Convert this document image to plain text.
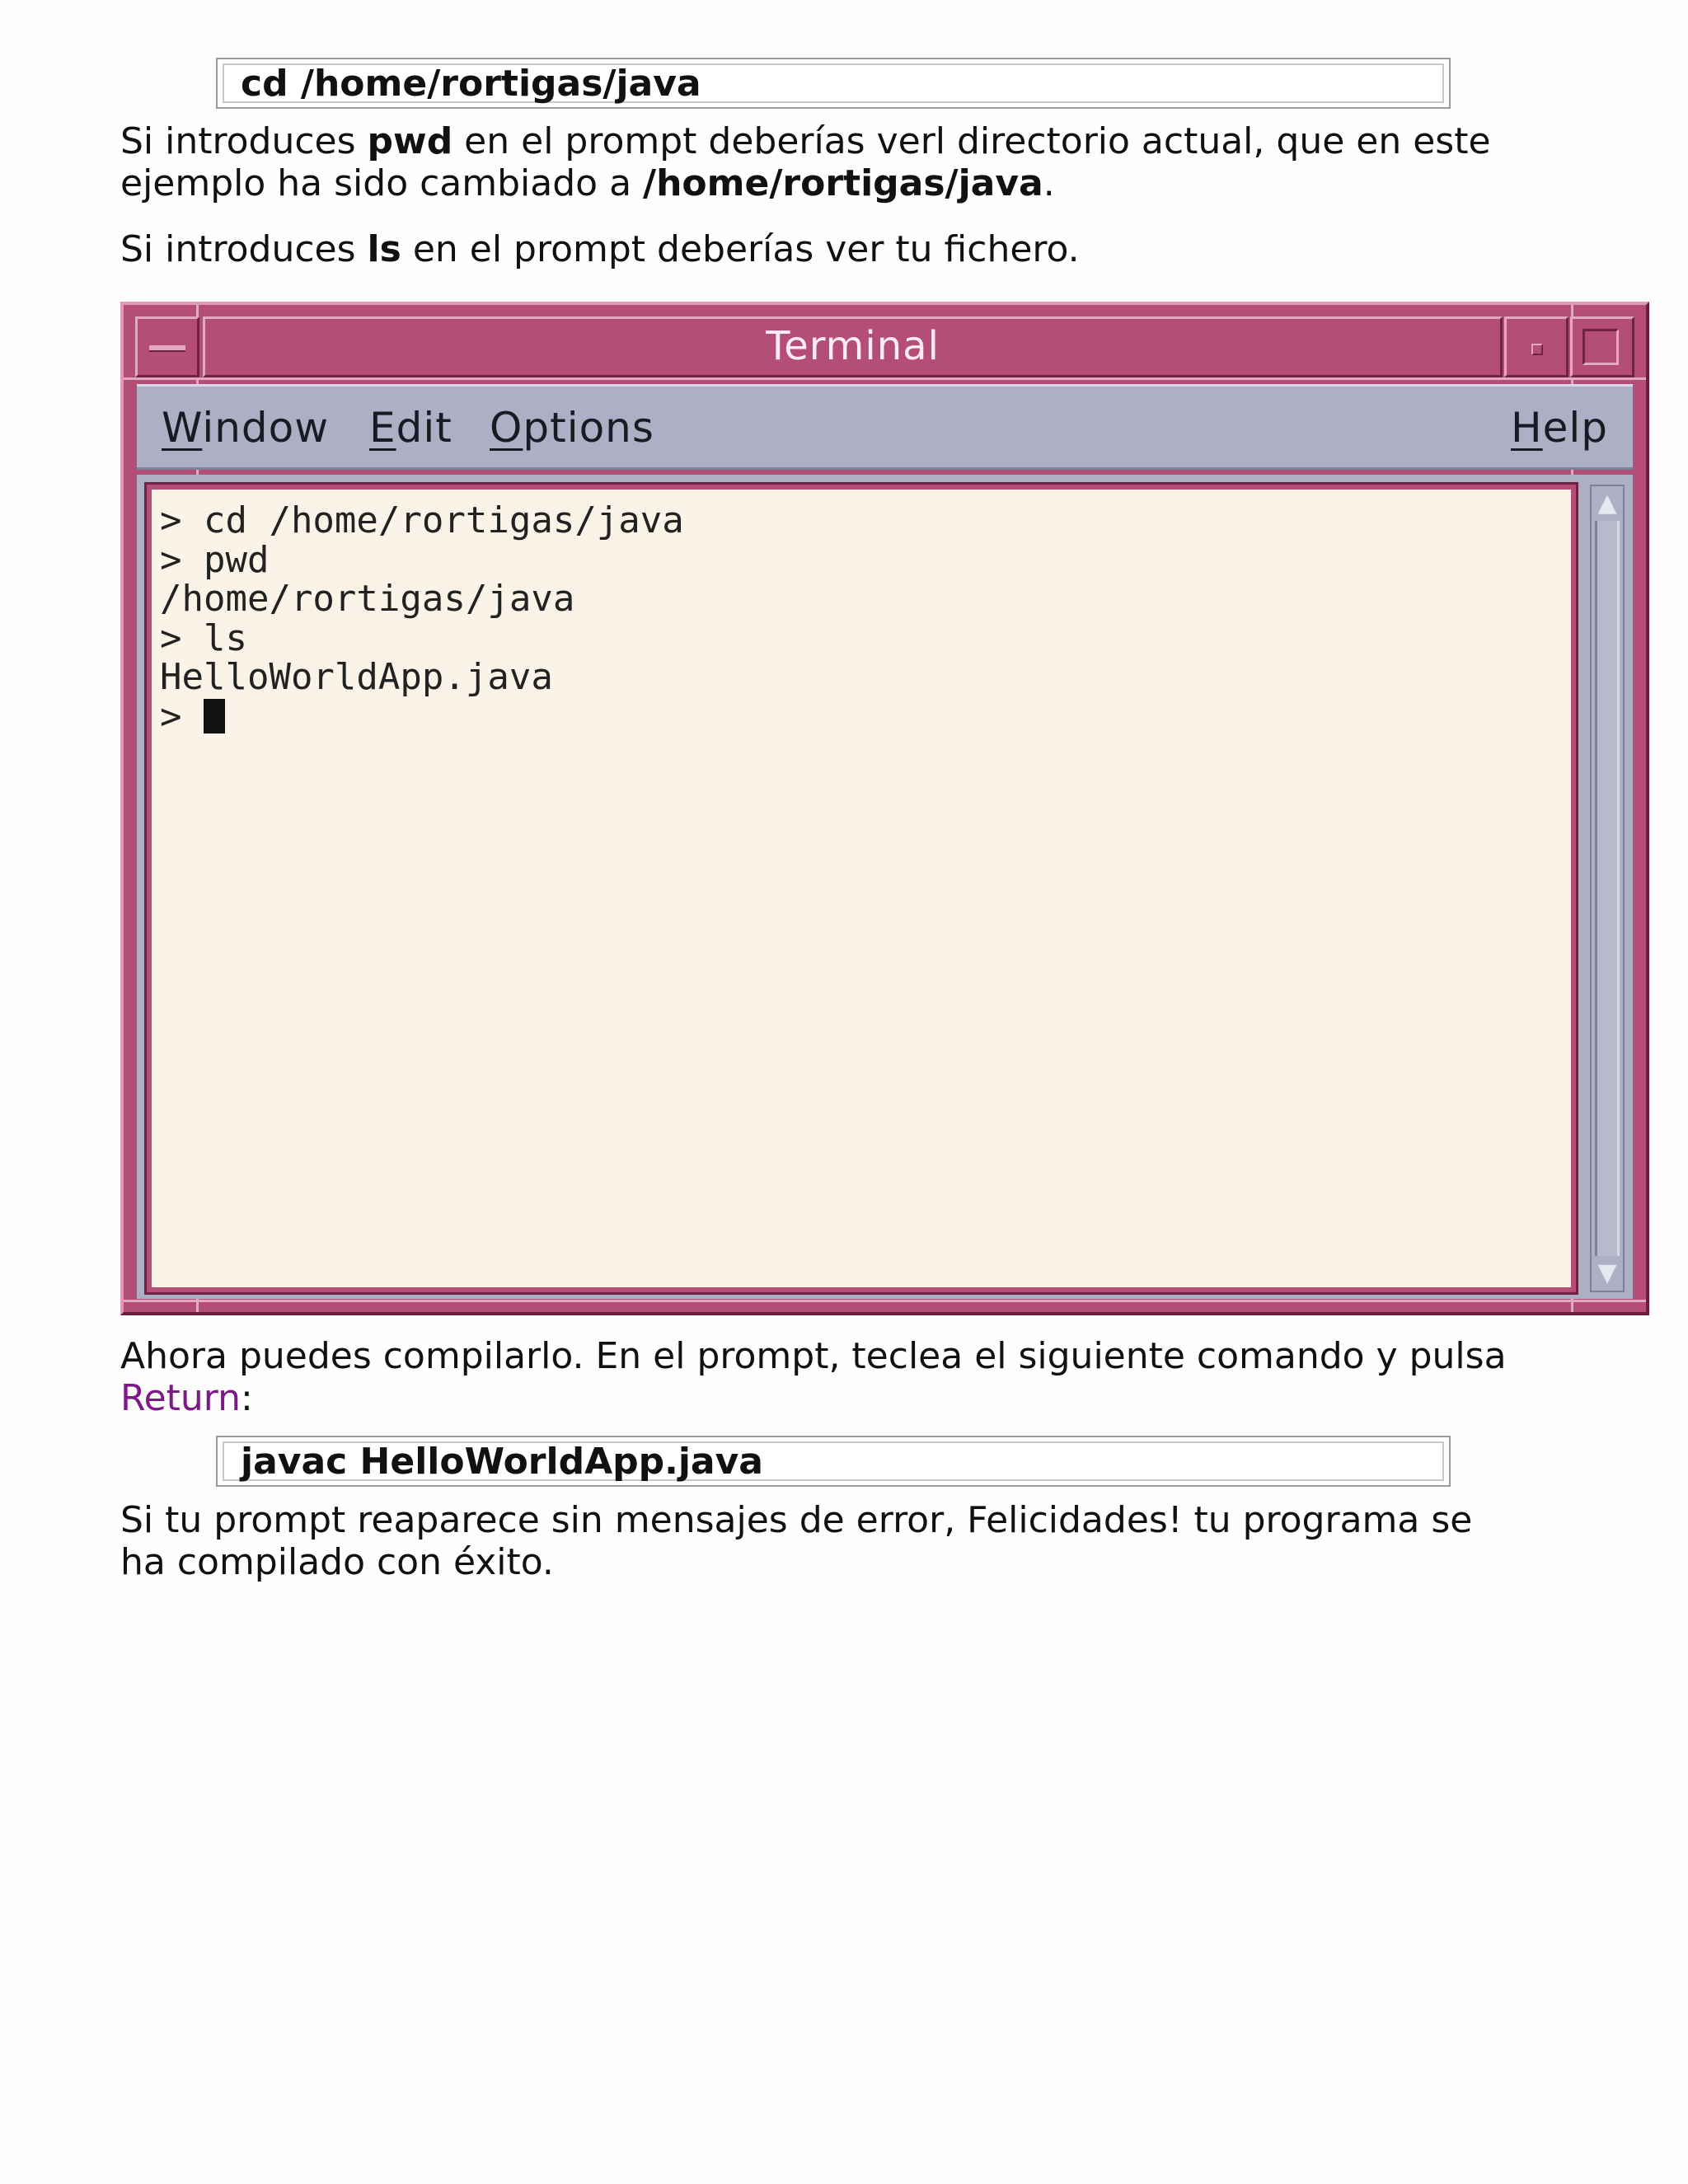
cd /home/rortigas/java

Si introduces pwd en el prompt deberías verl directorio actual, que en este
ejemplo ha sido cambiado a /home/rortigas/java.

Si introduces ls en el prompt deberías ver tu fichero.

Terminal
Window Edit Options	Help
> cd /home/rortigas/java
> pwd
/home/rortigas/java
> ls
HelloWorldApp.java
>
▲
▼

Ahora puedes compilarlo. En el prompt, teclea el siguiente comando y pulsa
Return:

javac HelloWorldApp.java

Si tu prompt reaparece sin mensajes de error, Felicidades! tu programa se
ha compilado con éxito.
